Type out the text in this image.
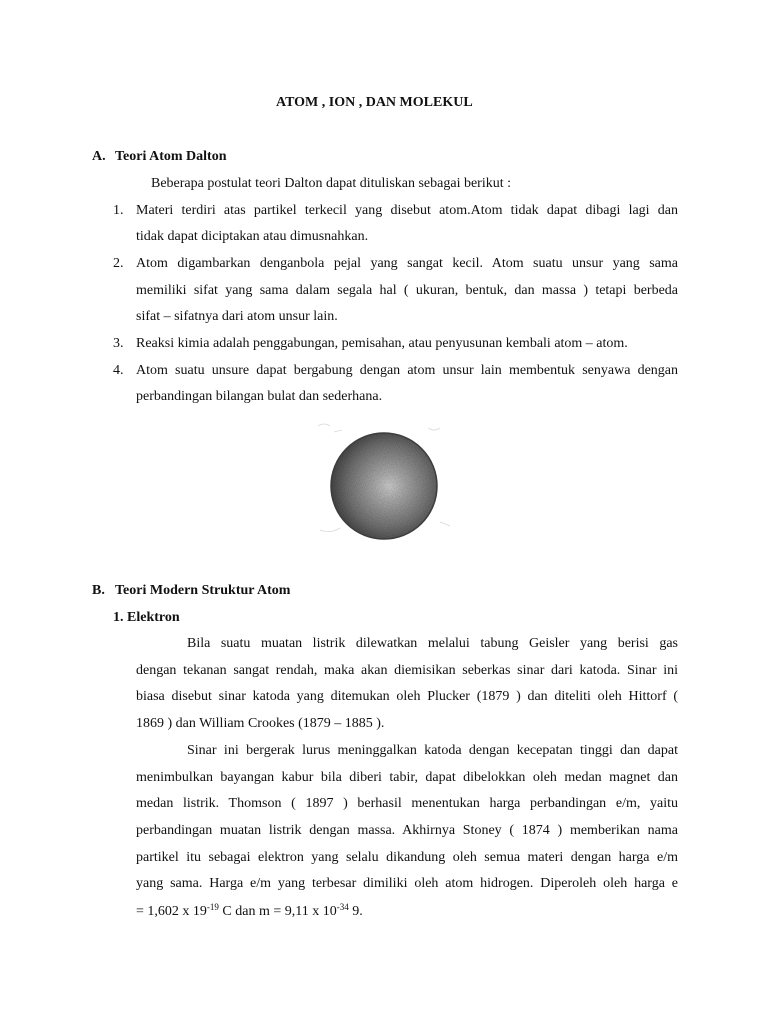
ATOM , ION , DAN MOLEKUL
A. Teori Atom Dalton
Beberapa postulat teori Dalton dapat dituliskan sebagai berikut :
1. Materi terdiri atas partikel terkecil yang disebut atom.Atom tidak dapat dibagi lagi dan
tidak dapat diciptakan atau dimusnahkan.
2. Atom digambarkan denganbola pejal yang sangat kecil. Atom suatu unsur yang sama
memiliki sifat yang sama dalam segala hal ( ukuran, bentuk, dan massa ) tetapi berbeda
sifat – sifatnya dari atom unsur lain.
3. Reaksi kimia adalah penggabungan, pemisahan, atau penyusunan kembali atom – atom.
4. Atom suatu unsure dapat bergabung dengan atom unsur lain membentuk senyawa dengan
perbandingan bilangan bulat dan sederhana.
B. Teori Modern Struktur Atom
1. Elektron
Bila suatu muatan listrik dilewatkan melalui tabung Geisler yang berisi gas
dengan tekanan sangat rendah, maka akan diemisikan seberkas sinar dari katoda. Sinar ini
biasa disebut sinar katoda yang ditemukan oleh Plucker (1879 ) dan diteliti oleh Hittorf (
1869 ) dan William Crookes (1879 – 1885 ).
Sinar ini bergerak lurus meninggalkan katoda dengan kecepatan tinggi dan dapat
menimbulkan bayangan kabur bila diberi tabir, dapat dibelokkan oleh medan magnet dan
medan listrik. Thomson ( 1897 ) berhasil menentukan harga perbandingan e/m, yaitu
perbandingan muatan listrik dengan massa. Akhirnya Stoney ( 1874 ) memberikan nama
partikel itu sebagai elektron yang selalu dikandung oleh semua materi dengan harga e/m
yang sama. Harga e/m yang terbesar dimiliki oleh atom hidrogen. Diperoleh oleh harga e
= 1,602 x $19^{-19}$ C dan m = 9,11 x $10^{-34}$ 9.
